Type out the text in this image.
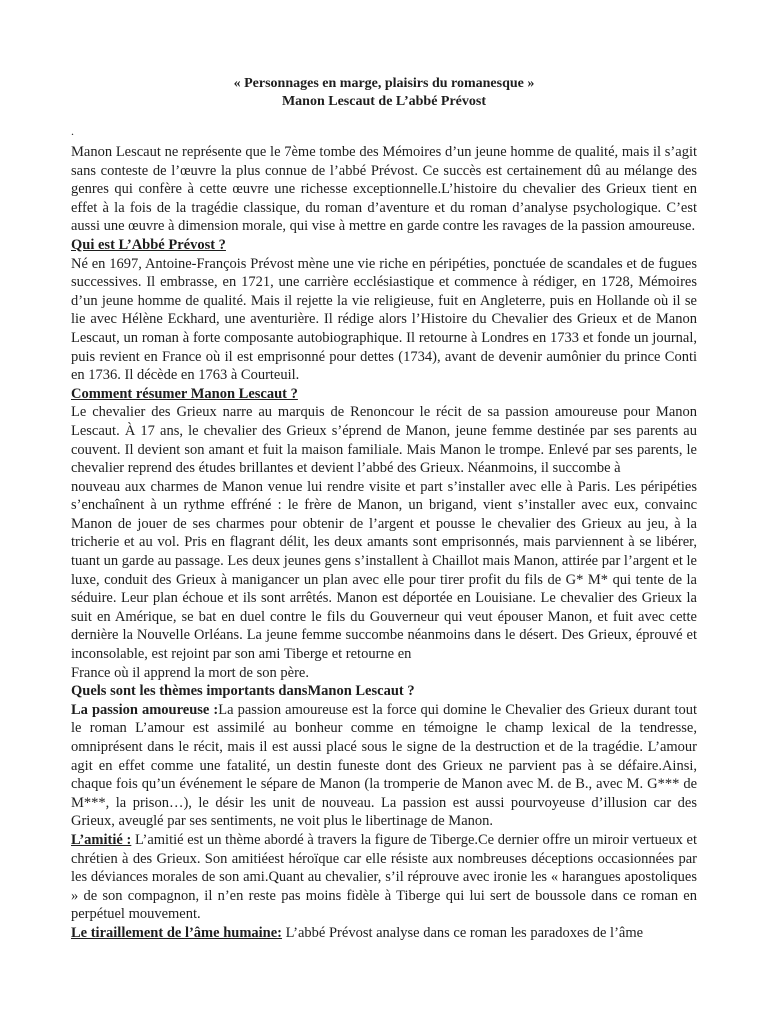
« Personnages en marge, plaisirs du romanesque »
Manon Lescaut de L’abbé Prévost
.

Manon Lescaut ne représente que le 7ème tombe des Mémoires d’un jeune homme de qualité, mais il s’agit sans conteste de l’œuvre la plus connue de l’abbé Prévost. Ce succès est certainement dû au mélange des genres qui confère à cette œuvre une richesse exceptionnelle.L’histoire du chevalier des Grieux tient en effet à la fois de la tragédie classique, du roman d’aventure et du roman d’analyse psychologique. C’est aussi une œuvre à dimension morale, qui vise à mettre en garde contre les ravages de la passion amoureuse.

Qui est L’Abbé Prévost ?

Né en 1697, Antoine-François Prévost mène une vie riche en péripéties, ponctuée de scandales et de fugues successives. Il embrasse, en 1721, une carrière ecclésiastique et commence à rédiger, en 1728, Mémoires d’un jeune homme de qualité. Mais il rejette la vie religieuse, fuit en Angleterre, puis en Hollande où il se lie avec Hélène Eckhard, une aventurière. Il rédige alors l’Histoire du Chevalier des Grieux et de Manon Lescaut, un roman à forte composante autobiographique. Il retourne à Londres en 1733 et fonde un journal, puis revient en France où il est emprisonné pour dettes (1734), avant de devenir aumônier du prince Conti en 1736. Il décède en 1763 à Courteuil.

Comment résumer Manon Lescaut ?

Le chevalier des Grieux narre au marquis de Renoncour le récit de sa passion amoureuse pour Manon Lescaut. À 17 ans, le chevalier des Grieux s’éprend de Manon, jeune femme destinée par ses parents au couvent. Il devient son amant et fuit la maison familiale. Mais Manon le trompe. Enlevé par ses parents, le chevalier reprend des études brillantes et devient l’abbé des Grieux. Néanmoins, il succombe à

nouveau aux charmes de Manon venue lui rendre visite et part s’installer avec elle à Paris. Les péripéties s’enchaînent à un rythme effréné : le frère de Manon, un brigand, vient s’installer avec eux, convainc Manon de jouer de ses charmes pour obtenir de l’argent et pousse le chevalier des Grieux au jeu, à la tricherie et au vol. Pris en flagrant délit, les deux amants sont emprisonnés, mais parviennent à se libérer, tuant un garde au passage. Les deux jeunes gens s’installent à Chaillot mais Manon, attirée par l’argent et le luxe, conduit des Grieux à manigancer un plan avec elle pour tirer profit du fils de G* M* qui tente de la séduire. Leur plan échoue et ils sont arrêtés. Manon est déportée en Louisiane. Le chevalier des Grieux la suit en Amérique, se bat en duel contre le fils du Gouverneur qui veut épouser Manon, et fuit avec cette dernière la Nouvelle Orléans. La jeune femme succombe néanmoins dans le désert. Des Grieux, éprouvé et inconsolable, est rejoint par son ami Tiberge et retourne en

France où il apprend la mort de son père.

Quels sont les thèmes importants dansManon Lescaut ?

La passion amoureuse :La passion amoureuse est la force qui domine le Chevalier des Grieux durant tout le roman L’amour est assimilé au bonheur comme en témoigne le champ lexical de la tendresse, omniprésent dans le récit, mais il est aussi placé sous le signe de la destruction et de la tragédie. L’amour agit en effet comme une fatalité, un destin funeste dont des Grieux ne parvient pas à se défaire.Ainsi, chaque fois qu’un événement le sépare de Manon (la tromperie de Manon avec M. de B., avec M. G*** de M***, la prison…), le désir les unit de nouveau. La passion est aussi pourvoyeuse d’illusion car des Grieux, aveuglé par ses sentiments, ne voit plus le libertinage de Manon.

L’amitié : L’amitié est un thème abordé à travers la figure de Tiberge.Ce dernier offre un miroir vertueux et chrétien à des Grieux. Son amitiéest héroïque car elle résiste aux nombreuses déceptions occasionnées par les déviances morales de son ami.Quant au chevalier, s’il réprouve avec ironie les « harangues apostoliques » de son compagnon, il n’en reste pas moins fidèle à Tiberge qui lui sert de boussole dans ce roman en perpétuel mouvement.

Le tiraillement de l’âme humaine: L’abbé Prévost analyse dans ce roman les paradoxes de l’âme
